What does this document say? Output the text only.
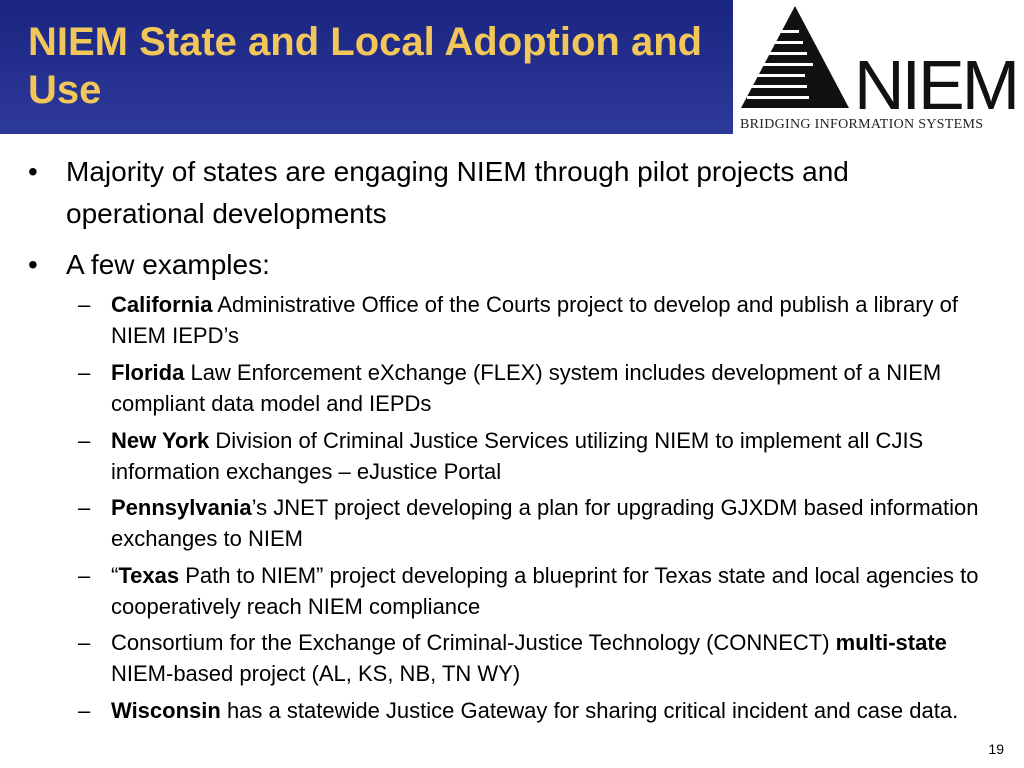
NIEM State and Local Adoption and Use	NIEM
BRIDGING INFORMATION SYSTEMS
• Majority of states are engaging NIEM through pilot projects and operational developments
• A few examples:
– California Administrative Office of the Courts project to develop and publish a library of NIEM IEPD’s
– Florida Law Enforcement eXchange (FLEX) system includes development of a NIEM compliant data model and IEPDs
– New York Division of Criminal Justice Services utilizing NIEM to implement all CJIS information exchanges – eJustice Portal
– Pennsylvania’s JNET project developing a plan for upgrading GJXDM based information exchanges to NIEM
– “Texas Path to NIEM” project developing a blueprint for Texas state and local agencies to cooperatively reach NIEM compliance
– Consortium for the Exchange of Criminal-Justice Technology (CONNECT) multi-state NIEM-based project (AL, KS, NB, TN WY)
– Wisconsin has a statewide Justice Gateway for sharing critical incident and case data.
19
